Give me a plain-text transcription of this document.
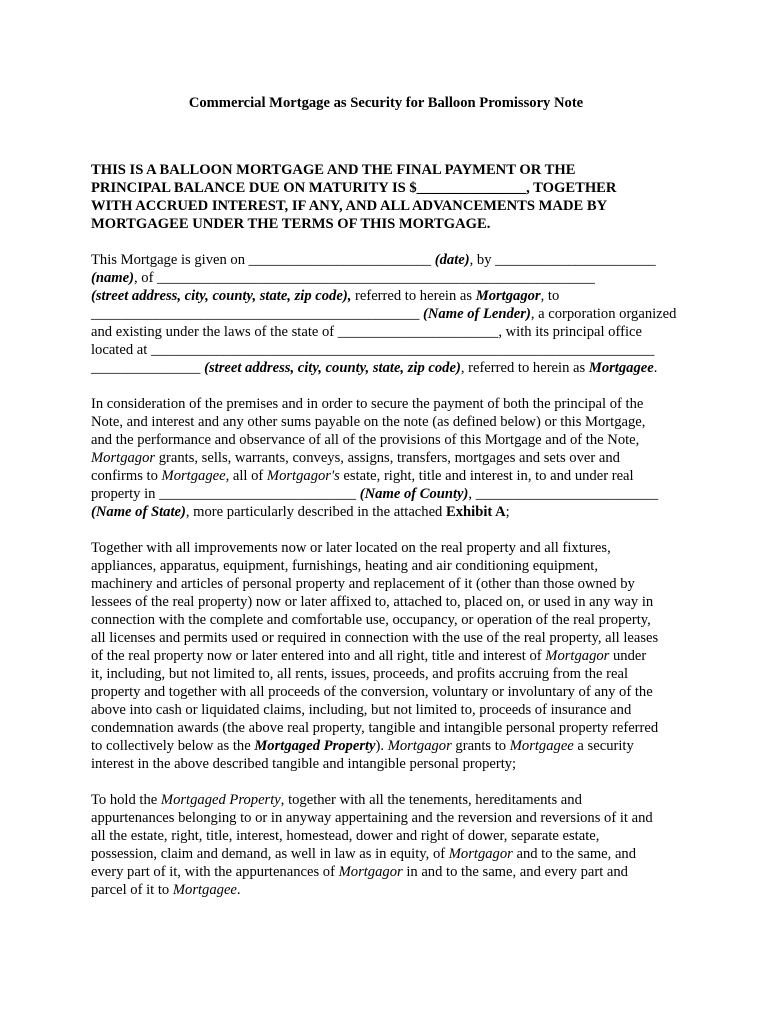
Commercial Mortgage as Security for Balloon Promissory Note
THIS IS A BALLOON MORTGAGE AND THE FINAL PAYMENT OR THE
PRINCIPAL BALANCE DUE ON MATURITY IS $_______________, TOGETHER
WITH ACCRUED INTEREST, IF ANY, AND ALL ADVANCEMENTS MADE BY
MORTGAGEE UNDER THE TERMS OF THIS MORTGAGE.
This Mortgage is given on _________________________ (date), by ______________________
(name), of ____________________________________________________________
(street address, city, county, state, zip code), referred to herein as Mortgagor, to
_____________________________________________ (Name of Lender), a corporation organized
and existing under the laws of the state of ______________________, with its principal office
located at _____________________________________________________________________
_______________ (street address, city, county, state, zip code), referred to herein as Mortgagee.
In consideration of the premises and in order to secure the payment of both the principal of the
Note, and interest and any other sums payable on the note (as defined below) or this Mortgage,
and the performance and observance of all of the provisions of this Mortgage and of the Note,
Mortgagor grants, sells, warrants, conveys, assigns, transfers, mortgages and sets over and
confirms to Mortgagee, all of Mortgagor's estate, right, title and interest in, to and under real
property in ___________________________ (Name of County), _________________________
(Name of State), more particularly described in the attached Exhibit A;
Together with all improvements now or later located on the real property and all fixtures,
appliances, apparatus, equipment, furnishings, heating and air conditioning equipment,
machinery and articles of personal property and replacement of it (other than those owned by
lessees of the real property) now or later affixed to, attached to, placed on, or used in any way in
connection with the complete and comfortable use, occupancy, or operation of the real property,
all licenses and permits used or required in connection with the use of the real property, all leases
of the real property now or later entered into and all right, title and interest of Mortgagor under
it, including, but not limited to, all rents, issues, proceeds, and profits accruing from the real
property and together with all proceeds of the conversion, voluntary or involuntary of any of the
above into cash or liquidated claims, including, but not limited to, proceeds of insurance and
condemnation awards (the above real property, tangible and intangible personal property referred
to collectively below as the Mortgaged Property). Mortgagor grants to Mortgagee a security
interest in the above described tangible and intangible personal property;
To hold the Mortgaged Property, together with all the tenements, hereditaments and
appurtenances belonging to or in anyway appertaining and the reversion and reversions of it and
all the estate, right, title, interest, homestead, dower and right of dower, separate estate,
possession, claim and demand, as well in law as in equity, of Mortgagor and to the same, and
every part of it, with the appurtenances of Mortgagor in and to the same, and every part and
parcel of it to Mortgagee.
